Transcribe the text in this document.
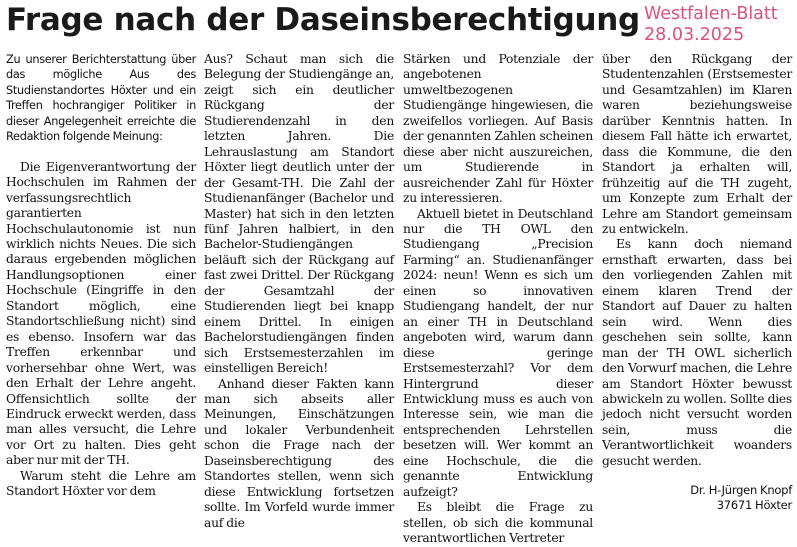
Frage nach der Daseinsberechtigung Westfalen-Blatt
28.03.2025

Zu unserer Berichterstattung über das mögliche Aus des Studienstandortes Höxter und ein Treffen hochrangiger Politiker in dieser Angelegenheit erreichte die Redaktion folgende Meinung:

Die Eigenverantwortung der Hochschulen im Rahmen der verfassungsrechtlich garantierten Hochschulautonomie ist nun wirklich nichts Neues. Die sich daraus ergebenden möglichen Handlungsoptionen einer Hochschule (Eingriffe in den Standort möglich, eine Standortschließung nicht) sind es ebenso. Insofern war das Treffen erkennbar und vorhersehbar ohne Wert, was den Erhalt der Lehre angeht. Offensichtlich sollte der Eindruck erweckt werden, dass man alles versucht, die Lehre vor Ort zu halten. Dies geht aber nur mit der TH.

Warum steht die Lehre am Standort Höxter vor dem

Aus? Schaut man sich die Belegung der Studiengänge an, zeigt sich ein deutlicher Rückgang der Studierendenzahl in den letzten Jahren. Die Lehrauslastung am Standort Höxter liegt deutlich unter der der Gesamt-TH. Die Zahl der Studienanfänger (Bachelor und Master) hat sich in den letzten fünf Jahren halbiert, in den Bachelor-Studiengängen beläuft sich der Rückgang auf fast zwei Drittel. Der Rückgang der Gesamtzahl der Studierenden liegt bei knapp einem Drittel. In einigen Bachelorstudiengängen finden sich Erstsemesterzahlen im einstelligen Bereich!

Anhand dieser Fakten kann man sich abseits aller Meinungen, Einschätzungen und lokaler Verbundenheit schon die Frage nach der Daseinsberechtigung des Standortes stellen, wenn sich diese Entwicklung fortsetzen sollte. Im Vorfeld wurde immer auf die

Stärken und Potenziale der angebotenen umweltbezogenen Studiengänge hingewiesen, die zweifellos vorliegen. Auf Basis der genannten Zahlen scheinen diese aber nicht auszureichen, um Studierende in ausreichender Zahl für Höxter zu interessieren.

Aktuell bietet in Deutschland nur die TH OWL den Studiengang „Precision Farming“ an. Studienanfänger 2024: neun! Wenn es sich um einen so innovativen Studiengang handelt, der nur an einer TH in Deutschland angeboten wird, warum dann diese geringe Erstsemesterzahl? Vor dem Hintergrund dieser Entwicklung muss es auch von Interesse sein, wie man die entsprechenden Lehrstellen besetzen will. Wer kommt an eine Hochschule, die die genannte Entwicklung aufzeigt?

Es bleibt die Frage zu stellen, ob sich die kommunal verantwortlichen Vertreter

über den Rückgang der Studentenzahlen (Erstsemester und Gesamtzahlen) im Klaren waren beziehungsweise darüber Kenntnis hatten. In diesem Fall hätte ich erwartet, dass die Kommune, die den Standort ja erhalten will, frühzeitig auf die TH zugeht, um Konzepte zum Erhalt der Lehre am Standort gemeinsam zu entwickeln.

Es kann doch niemand ernsthaft erwarten, dass bei den vorliegenden Zahlen mit einem klaren Trend der Standort auf Dauer zu halten sein wird. Wenn dies geschehen sein sollte, kann man der TH OWL sicherlich den Vorwurf machen, die Lehre am Standort Höxter bewusst abwickeln zu wollen. Sollte dies jedoch nicht versucht worden sein, muss die Verantwortlichkeit woanders gesucht werden.

Dr. H-Jürgen Knopf
37671 Höxter
